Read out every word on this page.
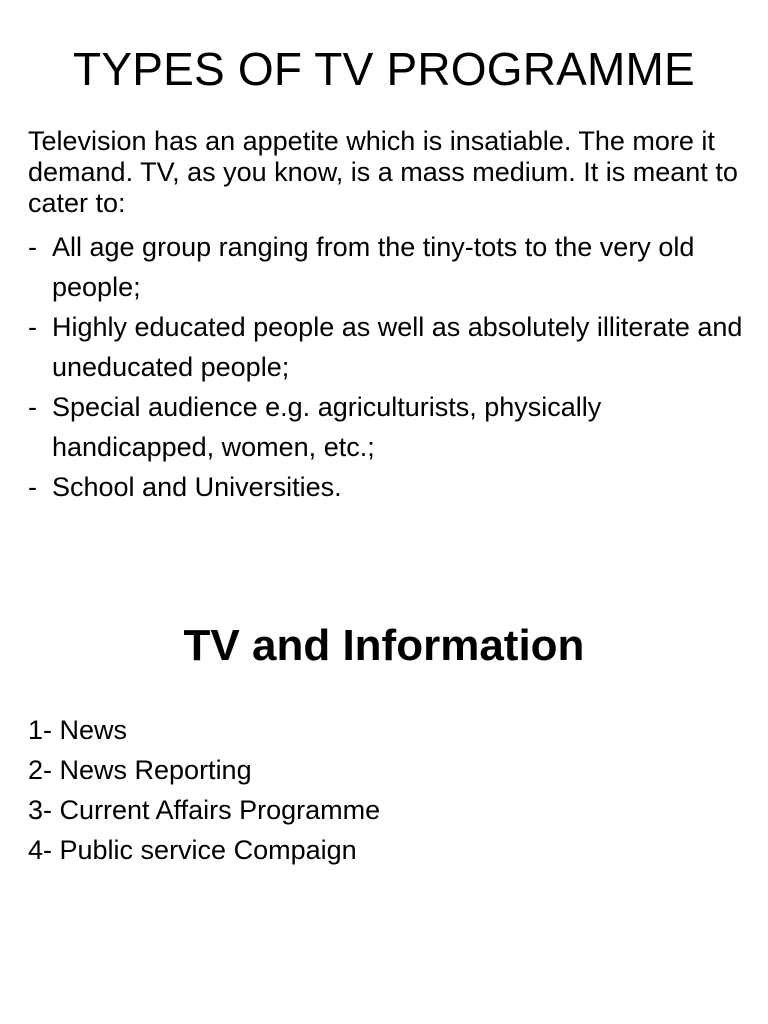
TYPES OF TV PROGRAMME

Television has an appetite which is insatiable. The more it demand. TV, as you know, is a mass medium. It is meant to cater to:

- All age group ranging from the tiny-tots to the very old people;
- Highly educated people as well as absolutely illiterate and uneducated people;
- Special audience e.g. agriculturists, physically handicapped, women, etc.;
- School and Universities.
TV and Information
1- News
2- News Reporting
3- Current Affairs Programme
4- Public service Compaign
